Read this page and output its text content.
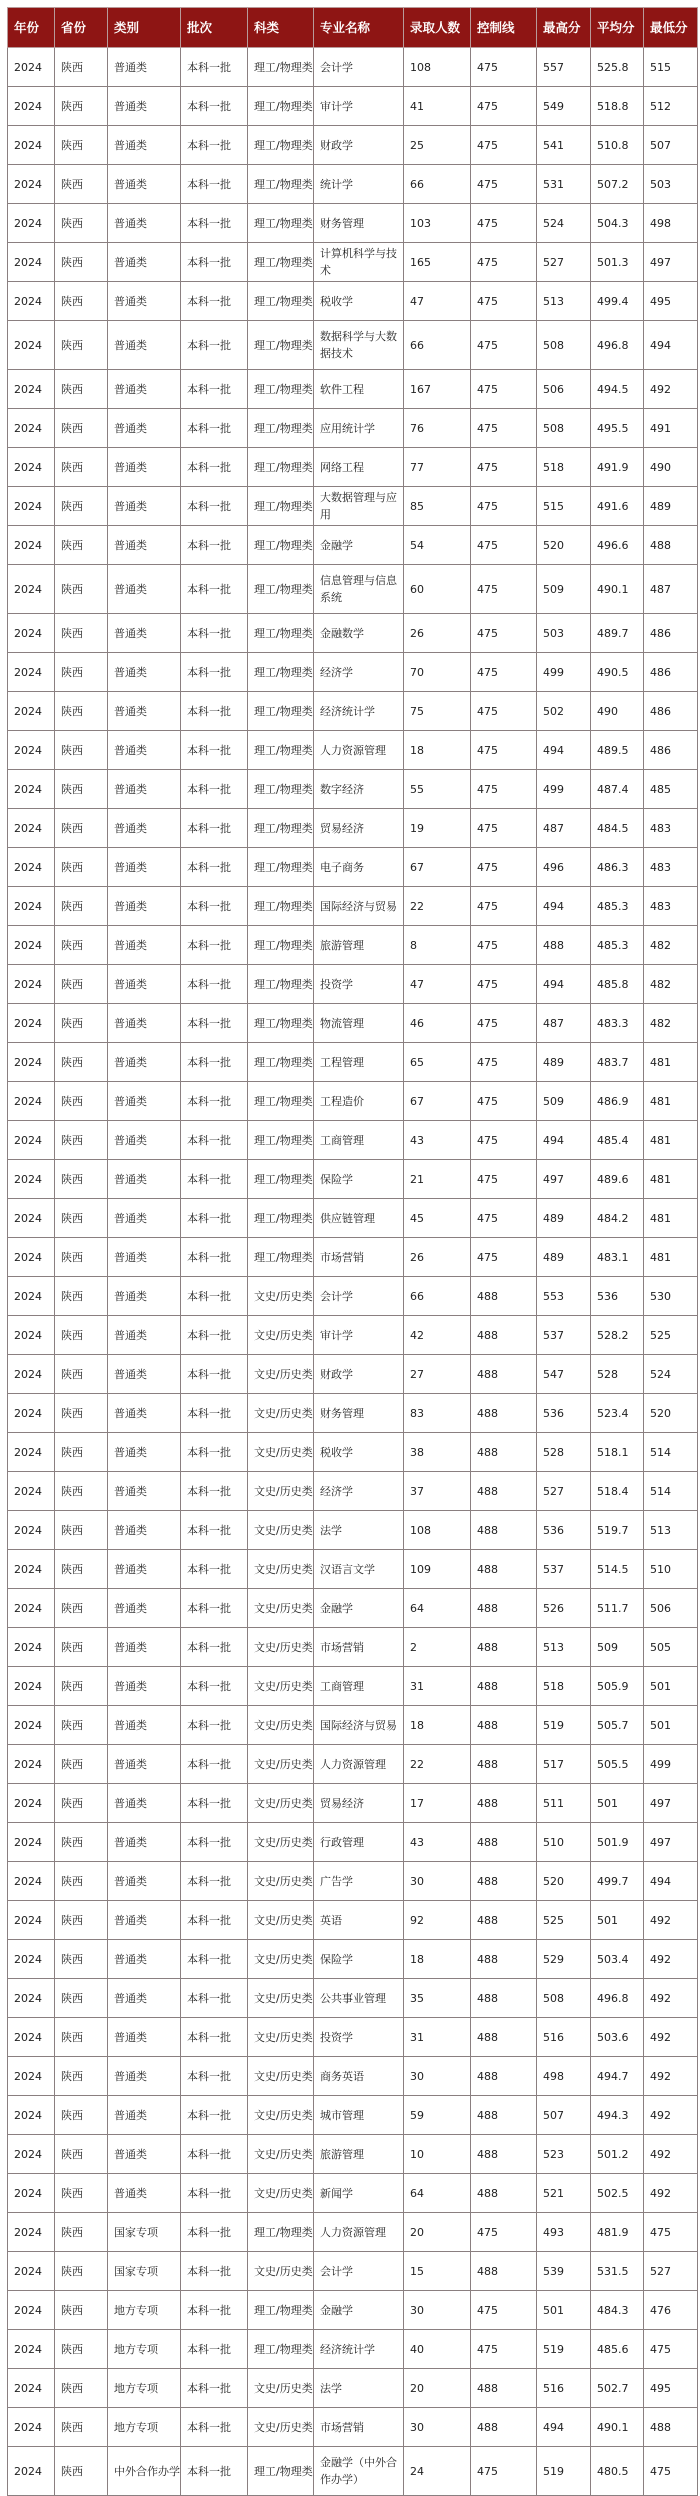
年份	省份	类别	批次	科类	专业名称	录取人数	控制线	最高分	平均分	最低分
2024	陕西	普通类	本科一批	理工/物理类	会计学	108	475	557	525.8	515
2024	陕西	普通类	本科一批	理工/物理类	审计学	41	475	549	518.8	512
2024	陕西	普通类	本科一批	理工/物理类	财政学	25	475	541	510.8	507
2024	陕西	普通类	本科一批	理工/物理类	统计学	66	475	531	507.2	503
2024	陕西	普通类	本科一批	理工/物理类	财务管理	103	475	524	504.3	498
2024	陕西	普通类	本科一批	理工/物理类	计算机科学与技术	165	475	527	501.3	497
2024	陕西	普通类	本科一批	理工/物理类	税收学	47	475	513	499.4	495
2024	陕西	普通类	本科一批	理工/物理类	数据科学与大数据技术	66	475	508	496.8	494
2024	陕西	普通类	本科一批	理工/物理类	软件工程	167	475	506	494.5	492
2024	陕西	普通类	本科一批	理工/物理类	应用统计学	76	475	508	495.5	491
2024	陕西	普通类	本科一批	理工/物理类	网络工程	77	475	518	491.9	490
2024	陕西	普通类	本科一批	理工/物理类	大数据管理与应用	85	475	515	491.6	489
2024	陕西	普通类	本科一批	理工/物理类	金融学	54	475	520	496.6	488
2024	陕西	普通类	本科一批	理工/物理类	信息管理与信息系统	60	475	509	490.1	487
2024	陕西	普通类	本科一批	理工/物理类	金融数学	26	475	503	489.7	486
2024	陕西	普通类	本科一批	理工/物理类	经济学	70	475	499	490.5	486
2024	陕西	普通类	本科一批	理工/物理类	经济统计学	75	475	502	490	486
2024	陕西	普通类	本科一批	理工/物理类	人力资源管理	18	475	494	489.5	486
2024	陕西	普通类	本科一批	理工/物理类	数字经济	55	475	499	487.4	485
2024	陕西	普通类	本科一批	理工/物理类	贸易经济	19	475	487	484.5	483
2024	陕西	普通类	本科一批	理工/物理类	电子商务	67	475	496	486.3	483
2024	陕西	普通类	本科一批	理工/物理类	国际经济与贸易	22	475	494	485.3	483
2024	陕西	普通类	本科一批	理工/物理类	旅游管理	8	475	488	485.3	482
2024	陕西	普通类	本科一批	理工/物理类	投资学	47	475	494	485.8	482
2024	陕西	普通类	本科一批	理工/物理类	物流管理	46	475	487	483.3	482
2024	陕西	普通类	本科一批	理工/物理类	工程管理	65	475	489	483.7	481
2024	陕西	普通类	本科一批	理工/物理类	工程造价	67	475	509	486.9	481
2024	陕西	普通类	本科一批	理工/物理类	工商管理	43	475	494	485.4	481
2024	陕西	普通类	本科一批	理工/物理类	保险学	21	475	497	489.6	481
2024	陕西	普通类	本科一批	理工/物理类	供应链管理	45	475	489	484.2	481
2024	陕西	普通类	本科一批	理工/物理类	市场营销	26	475	489	483.1	481
2024	陕西	普通类	本科一批	文史/历史类	会计学	66	488	553	536	530
2024	陕西	普通类	本科一批	文史/历史类	审计学	42	488	537	528.2	525
2024	陕西	普通类	本科一批	文史/历史类	财政学	27	488	547	528	524
2024	陕西	普通类	本科一批	文史/历史类	财务管理	83	488	536	523.4	520
2024	陕西	普通类	本科一批	文史/历史类	税收学	38	488	528	518.1	514
2024	陕西	普通类	本科一批	文史/历史类	经济学	37	488	527	518.4	514
2024	陕西	普通类	本科一批	文史/历史类	法学	108	488	536	519.7	513
2024	陕西	普通类	本科一批	文史/历史类	汉语言文学	109	488	537	514.5	510
2024	陕西	普通类	本科一批	文史/历史类	金融学	64	488	526	511.7	506
2024	陕西	普通类	本科一批	文史/历史类	市场营销	2	488	513	509	505
2024	陕西	普通类	本科一批	文史/历史类	工商管理	31	488	518	505.9	501
2024	陕西	普通类	本科一批	文史/历史类	国际经济与贸易	18	488	519	505.7	501
2024	陕西	普通类	本科一批	文史/历史类	人力资源管理	22	488	517	505.5	499
2024	陕西	普通类	本科一批	文史/历史类	贸易经济	17	488	511	501	497
2024	陕西	普通类	本科一批	文史/历史类	行政管理	43	488	510	501.9	497
2024	陕西	普通类	本科一批	文史/历史类	广告学	30	488	520	499.7	494
2024	陕西	普通类	本科一批	文史/历史类	英语	92	488	525	501	492
2024	陕西	普通类	本科一批	文史/历史类	保险学	18	488	529	503.4	492
2024	陕西	普通类	本科一批	文史/历史类	公共事业管理	35	488	508	496.8	492
2024	陕西	普通类	本科一批	文史/历史类	投资学	31	488	516	503.6	492
2024	陕西	普通类	本科一批	文史/历史类	商务英语	30	488	498	494.7	492
2024	陕西	普通类	本科一批	文史/历史类	城市管理	59	488	507	494.3	492
2024	陕西	普通类	本科一批	文史/历史类	旅游管理	10	488	523	501.2	492
2024	陕西	普通类	本科一批	文史/历史类	新闻学	64	488	521	502.5	492
2024	陕西	国家专项	本科一批	理工/物理类	人力资源管理	20	475	493	481.9	475
2024	陕西	国家专项	本科一批	文史/历史类	会计学	15	488	539	531.5	527
2024	陕西	地方专项	本科一批	理工/物理类	金融学	30	475	501	484.3	476
2024	陕西	地方专项	本科一批	理工/物理类	经济统计学	40	475	519	485.6	475
2024	陕西	地方专项	本科一批	文史/历史类	法学	20	488	516	502.7	495
2024	陕西	地方专项	本科一批	文史/历史类	市场营销	30	488	494	490.1	488
2024	陕西	中外合作办学	本科一批	理工/物理类	金融学（中外合作办学）	24	475	519	480.5	475
